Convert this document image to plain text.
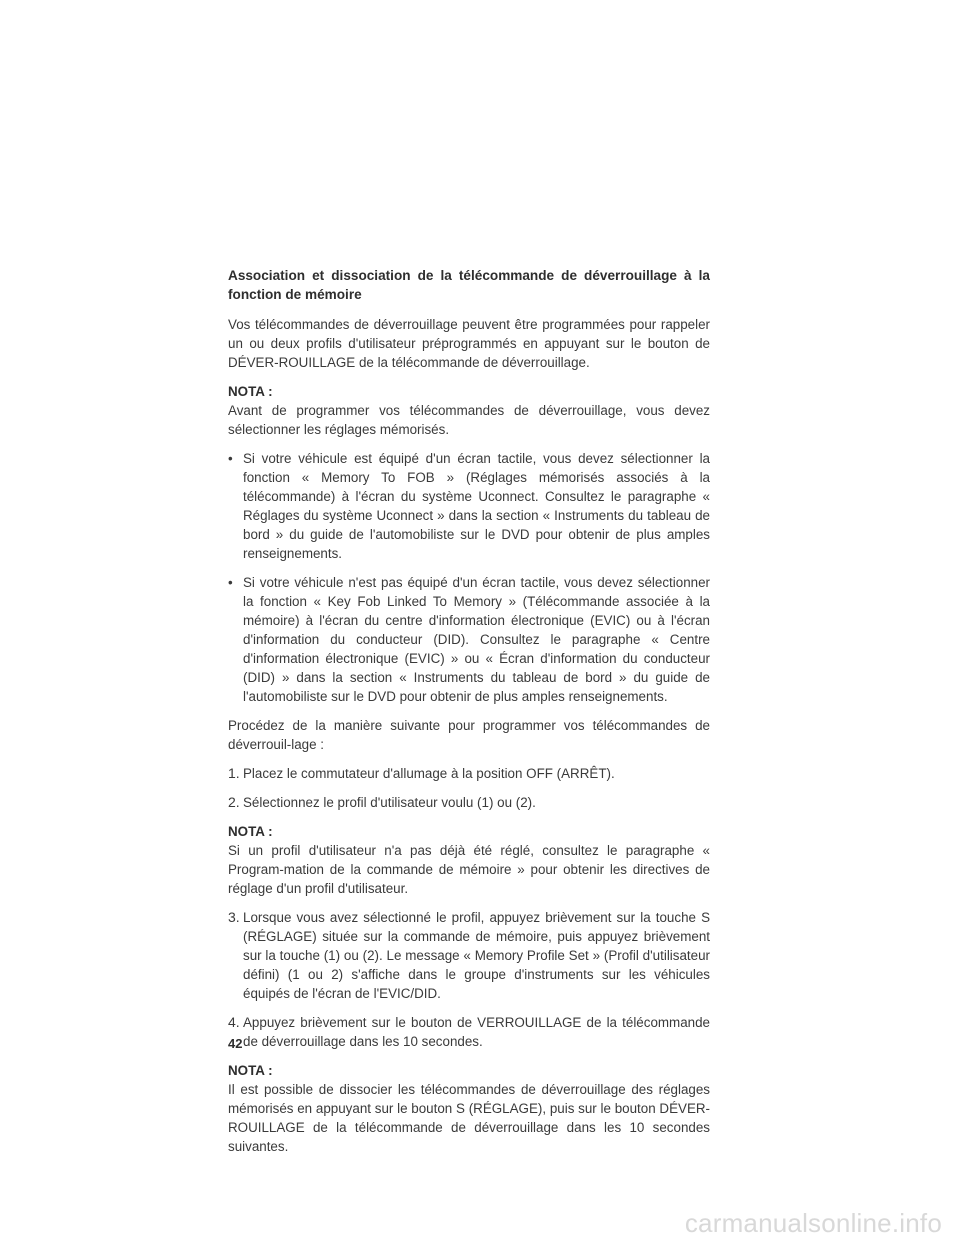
Association et dissociation de la télécommande de déverrouillage à la fonction de mémoire

Vos télécommandes de déverrouillage peuvent être programmées pour rappeler un ou deux profils d'utilisateur préprogrammés en appuyant sur le bouton de DÉVER-ROUILLAGE de la télécommande de déverrouillage.

NOTA :

Avant de programmer vos télécommandes de déverrouillage, vous devez sélectionner les réglages mémorisés.

• Si votre véhicule est équipé d'un écran tactile, vous devez sélectionner la fonction « Memory To FOB » (Réglages mémorisés associés à la télécommande) à l'écran du système Uconnect. Consultez le paragraphe « Réglages du système Uconnect » dans la section « Instruments du tableau de bord » du guide de l'automobiliste sur le DVD pour obtenir de plus amples renseignements.

• Si votre véhicule n'est pas équipé d'un écran tactile, vous devez sélectionner la fonction « Key Fob Linked To Memory » (Télécommande associée à la mémoire) à l'écran du centre d'information électronique (EVIC) ou à l'écran d'information du conducteur (DID). Consultez le paragraphe « Centre d'information électronique (EVIC) » ou « Écran d'information du conducteur (DID) » dans la section « Instruments du tableau de bord » du guide de l'automobiliste sur le DVD pour obtenir de plus amples renseignements.

Procédez de la manière suivante pour programmer vos télécommandes de déverrouil-lage :

1. Placez le commutateur d'allumage à la position OFF (ARRÊT).

2. Sélectionnez le profil d'utilisateur voulu (1) ou (2).

NOTA :

Si un profil d'utilisateur n'a pas déjà été réglé, consultez le paragraphe « Program-mation de la commande de mémoire » pour obtenir les directives de réglage d'un profil d'utilisateur.

3. Lorsque vous avez sélectionné le profil, appuyez brièvement sur la touche S (RÉGLAGE) située sur la commande de mémoire, puis appuyez brièvement sur la touche (1) ou (2). Le message « Memory Profile Set » (Profil d'utilisateur défini) (1 ou 2) s'affiche dans le groupe d'instruments sur les véhicules équipés de l'écran de l'EVIC/DID.

4. Appuyez brièvement sur le bouton de VERROUILLAGE de la télécommande de déverrouillage dans les 10 secondes.

NOTA :

Il est possible de dissocier les télécommandes de déverrouillage des réglages mémorisés en appuyant sur le bouton S (RÉGLAGE), puis sur le bouton DÉVER-ROUILLAGE de la télécommande de déverrouillage dans les 10 secondes suivantes.

42
carmanualsonline.info
